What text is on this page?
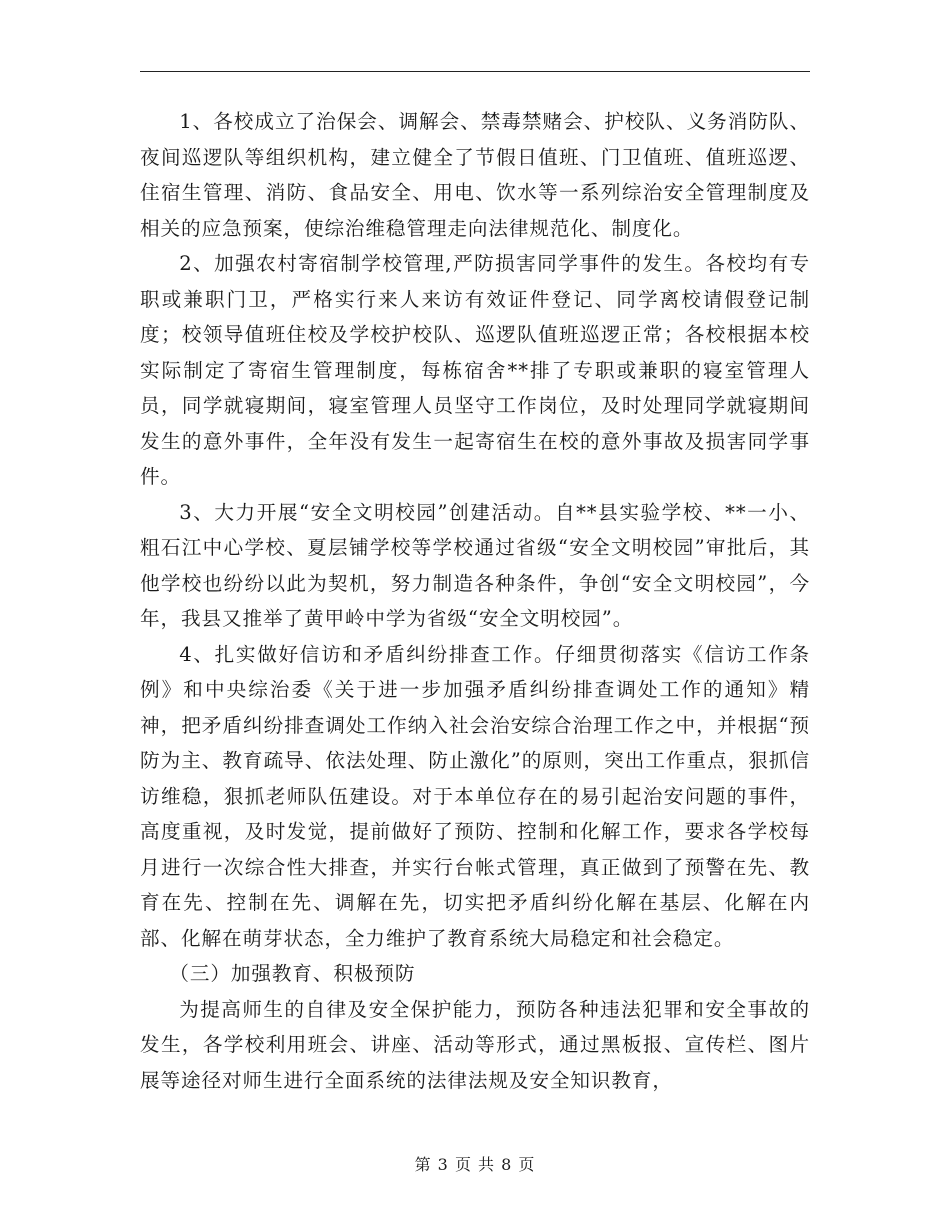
1、各校成立了治保会、调解会、禁毒禁赌会、护校队、义务消防队、夜间巡逻队等组织机构，建立健全了节假日值班、门卫值班、值班巡逻、住宿生管理、消防、食品安全、用电、饮水等一系列综治安全管理制度及相关的应急预案，使综治维稳管理走向法律规范化、制度化。

2、加强农村寄宿制学校管理,严防损害同学事件的发生。各校均有专职或兼职门卫，严格实行来人来访有效证件登记、同学离校请假登记制度；校领导值班住校及学校护校队、巡逻队值班巡逻正常；各校根据本校实际制定了寄宿生管理制度，每栋宿舍**排了专职或兼职的寝室管理人员，同学就寝期间，寝室管理人员坚守工作岗位，及时处理同学就寝期间发生的意外事件，全年没有发生一起寄宿生在校的意外事故及损害同学事件。

3、大力开展“安全文明校园”创建活动。自**县实验学校、**一小、粗石江中心学校、夏层铺学校等学校通过省级“安全文明校园”审批后，其他学校也纷纷以此为契机，努力制造各种条件，争创“安全文明校园”，今年，我县又推举了黄甲岭中学为省级“安全文明校园”。

4、扎实做好信访和矛盾纠纷排查工作。仔细贯彻落实《信访工作条例》和中央综治委《关于进一步加强矛盾纠纷排查调处工作的通知》精神，把矛盾纠纷排查调处工作纳入社会治安综合治理工作之中，并根据“预防为主、教育疏导、依法处理、防止激化”的原则，突出工作重点，狠抓信访维稳，狠抓老师队伍建设。对于本单位存在的易引起治安问题的事件，高度重视，及时发觉，提前做好了预防、控制和化解工作，要求各学校每月进行一次综合性大排查，并实行台帐式管理，真正做到了预警在先、教育在先、控制在先、调解在先，切实把矛盾纠纷化解在基层、化解在内部、化解在萌芽状态，全力维护了教育系统大局稳定和社会稳定。

（三）加强教育、积极预防

为提高师生的自律及安全保护能力，预防各种违法犯罪和安全事故的发生，各学校利用班会、讲座、活动等形式，通过黑板报、宣传栏、图片展等途径对师生进行全面系统的法律法规及安全知识教育，

第 3 页 共 8 页
